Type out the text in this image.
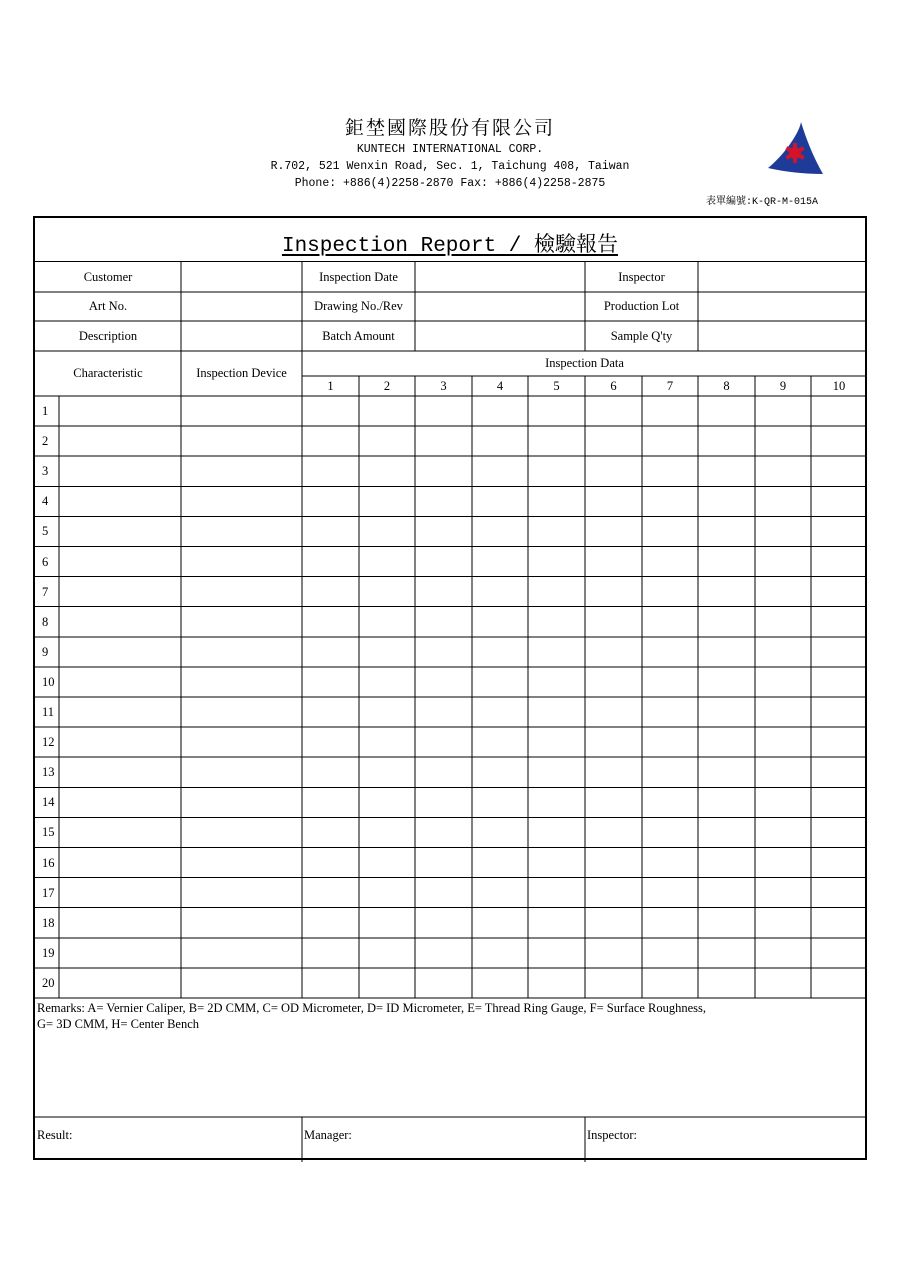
鉅埜國際股份有限公司
KUNTECH INTERNATIONAL CORP.
R.702, 521 Wenxin Road, Sec. 1, Taichung 408, Taiwan
Phone: +886(4)2258-2870 Fax: +886(4)2258-2875
表單編號:K-QR-M-015A
Inspection Report / 檢驗報告
Customer	Inspection Date	Inspector
Art No.	Drawing No./Rev	Production Lot
Description	Batch Amount	Sample Q'ty
Characteristic	Inspection Device
Inspection Data
1	2	3	4	5	6	7	8	9	10
1
2
3
4
5
6
7
8
9
10
11
12
13
14
15
16
17
18
19
20
Remarks: A= Vernier Caliper, B= 2D CMM, C= OD Micrometer, D= ID Micrometer, E= Thread Ring Gauge, F= Surface Roughness,
G= 3D CMM, H= Center Bench
Result:	Manager:	Inspector:
